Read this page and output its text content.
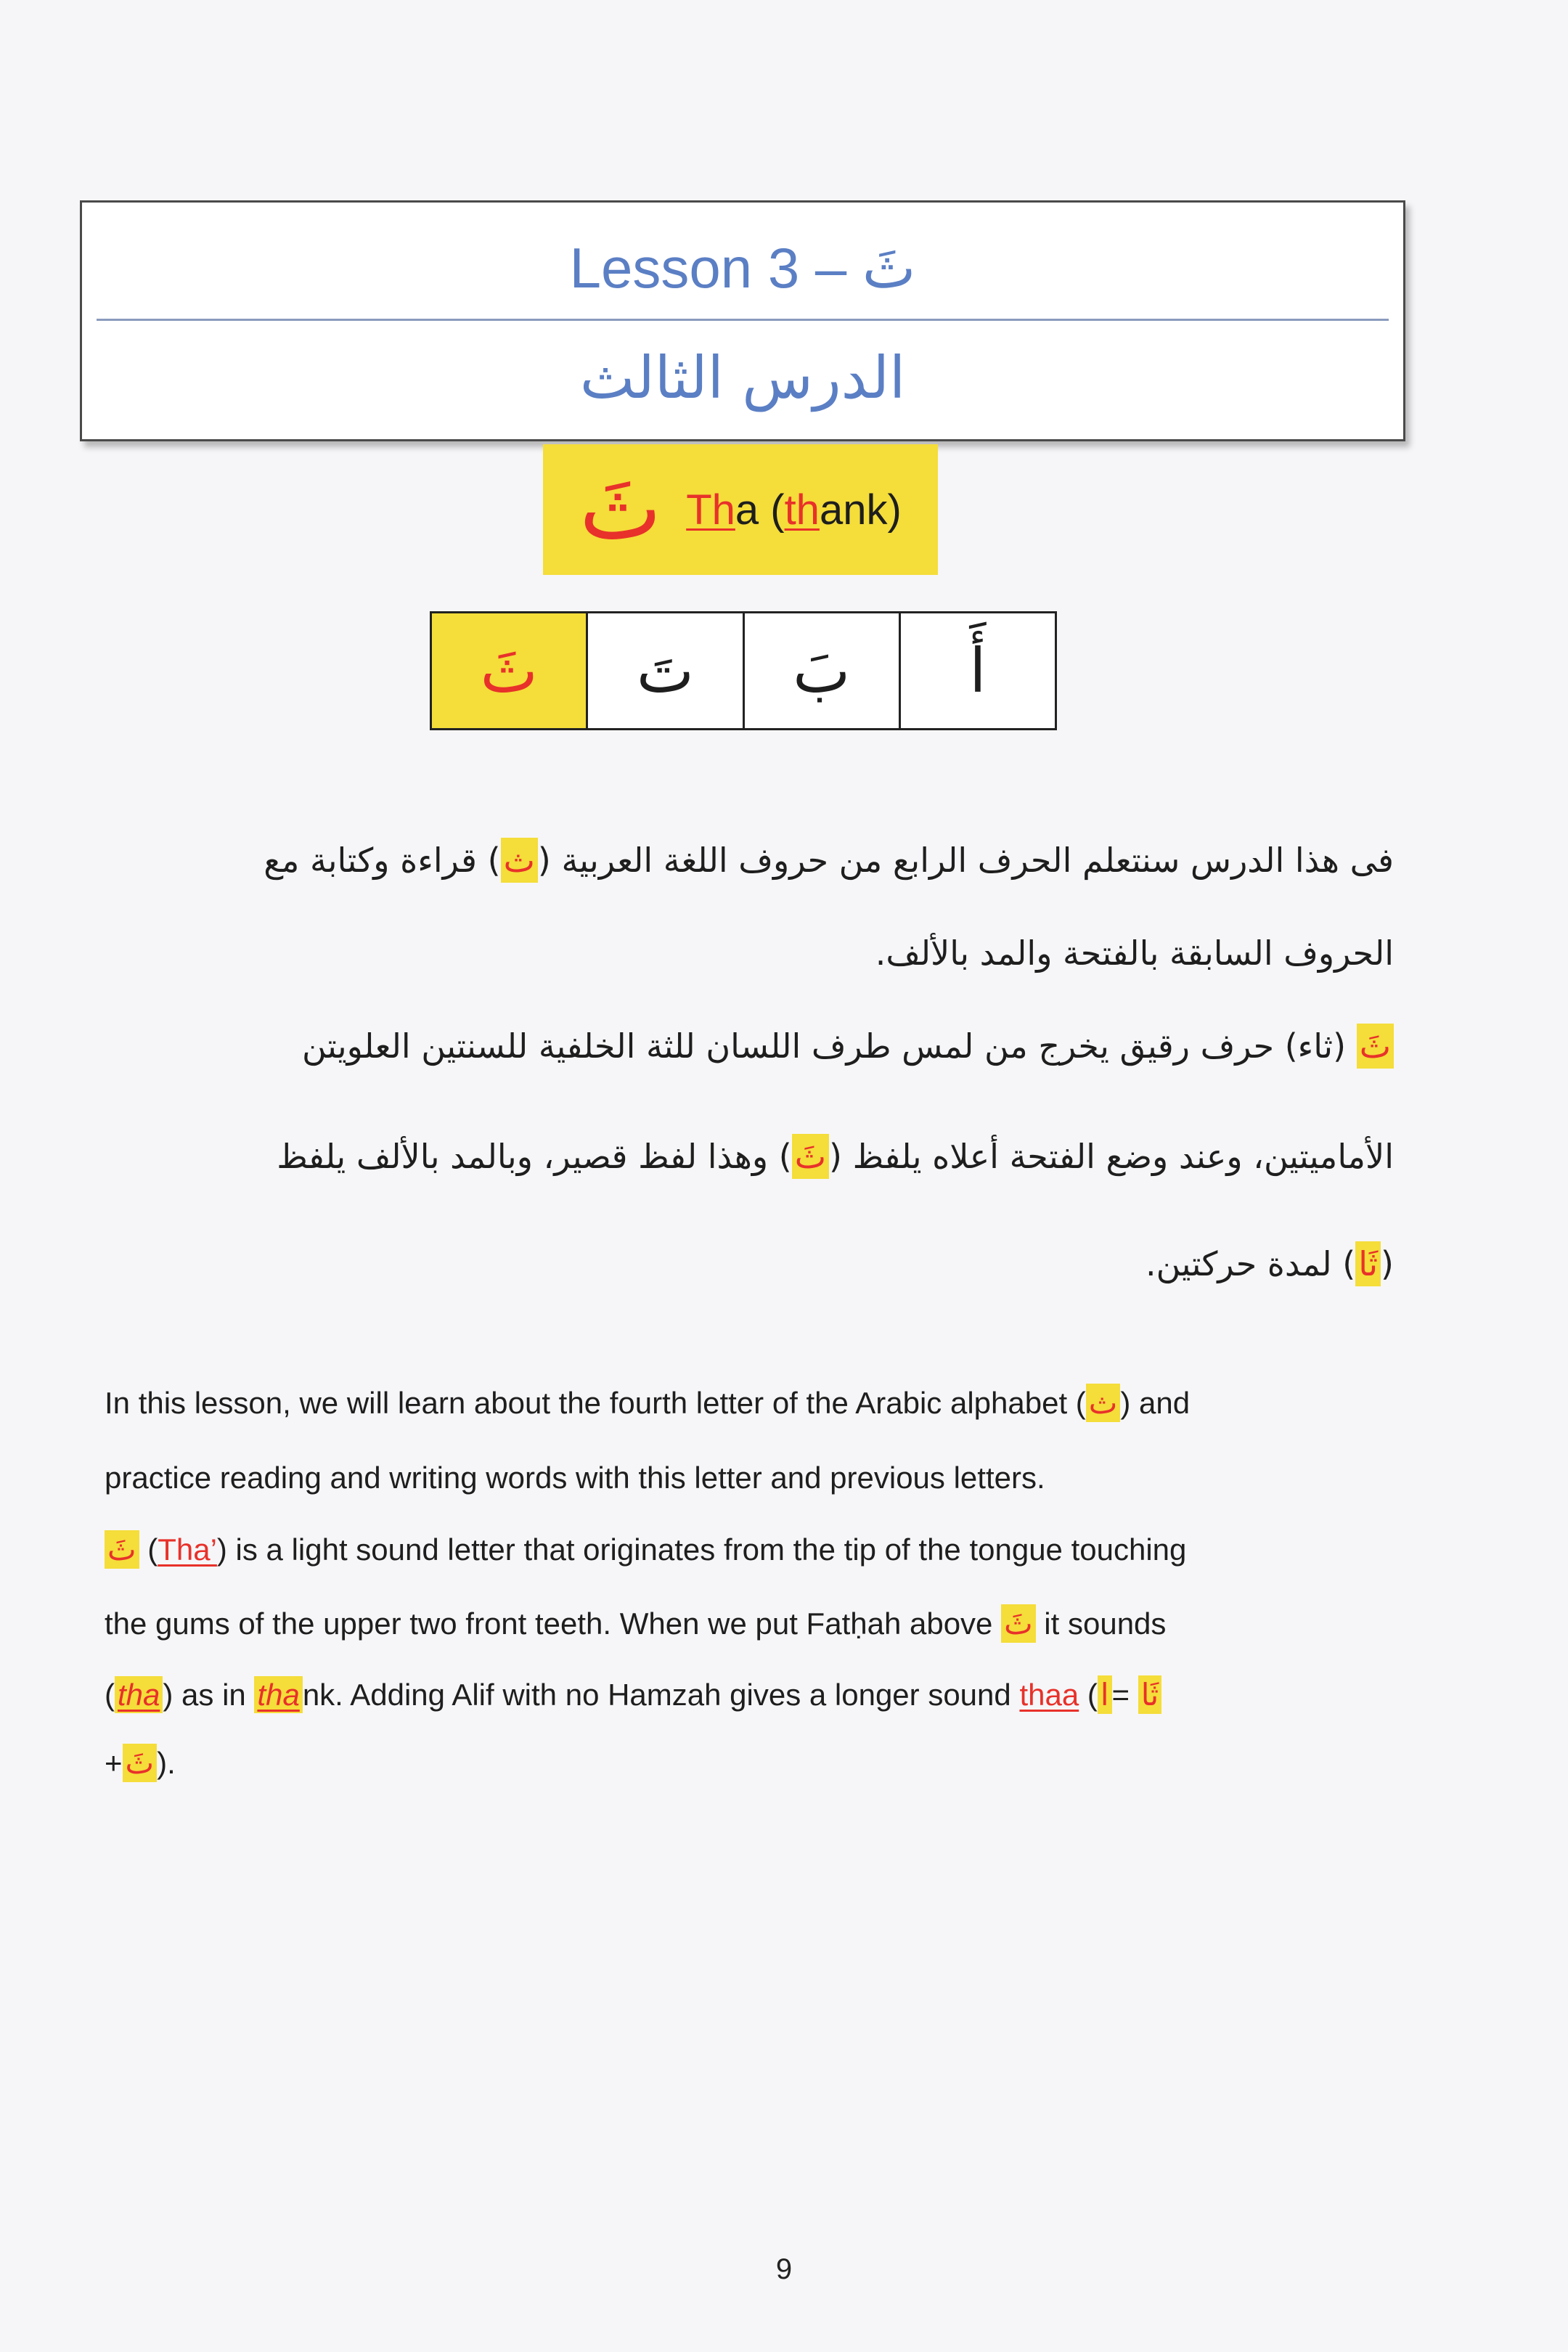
Lesson 3 – ثَ
الدرس الثالث
ثَ Tha (thank)
أَ
بَ
تَ
ثَ
فى هذا الدرس سنتعلم الحرف الرابع من حروف اللغة العربية (ث) قراءة وكتابة مع
الحروف السابقة بالفتحة والمد بالألف.
ثَ (ثاء) حرف رقيق يخرج من لمس طرف اللسان للثة الخلفية للسنتين العلويتن
الأماميتين، وعند وضع الفتحة أعلاه يلفظ (ثَ) وهذا لفظ قصير، وبالمد بالألف يلفظ
(ثَا) لمدة حركتين.
In this lesson, we will learn about the fourth letter of the Arabic alphabet (ث) and
practice reading and writing words with this letter and previous letters.
ثَ (Tha’) is a light sound letter that originates from the tip of the tongue touching
the gums of the upper two front teeth. When we put Fatḥah above ثَ it sounds
(tha) as in thank. Adding Alif with no Hamzah gives a longer sound thaa ( ثَا =ا
+ثَ).
9
